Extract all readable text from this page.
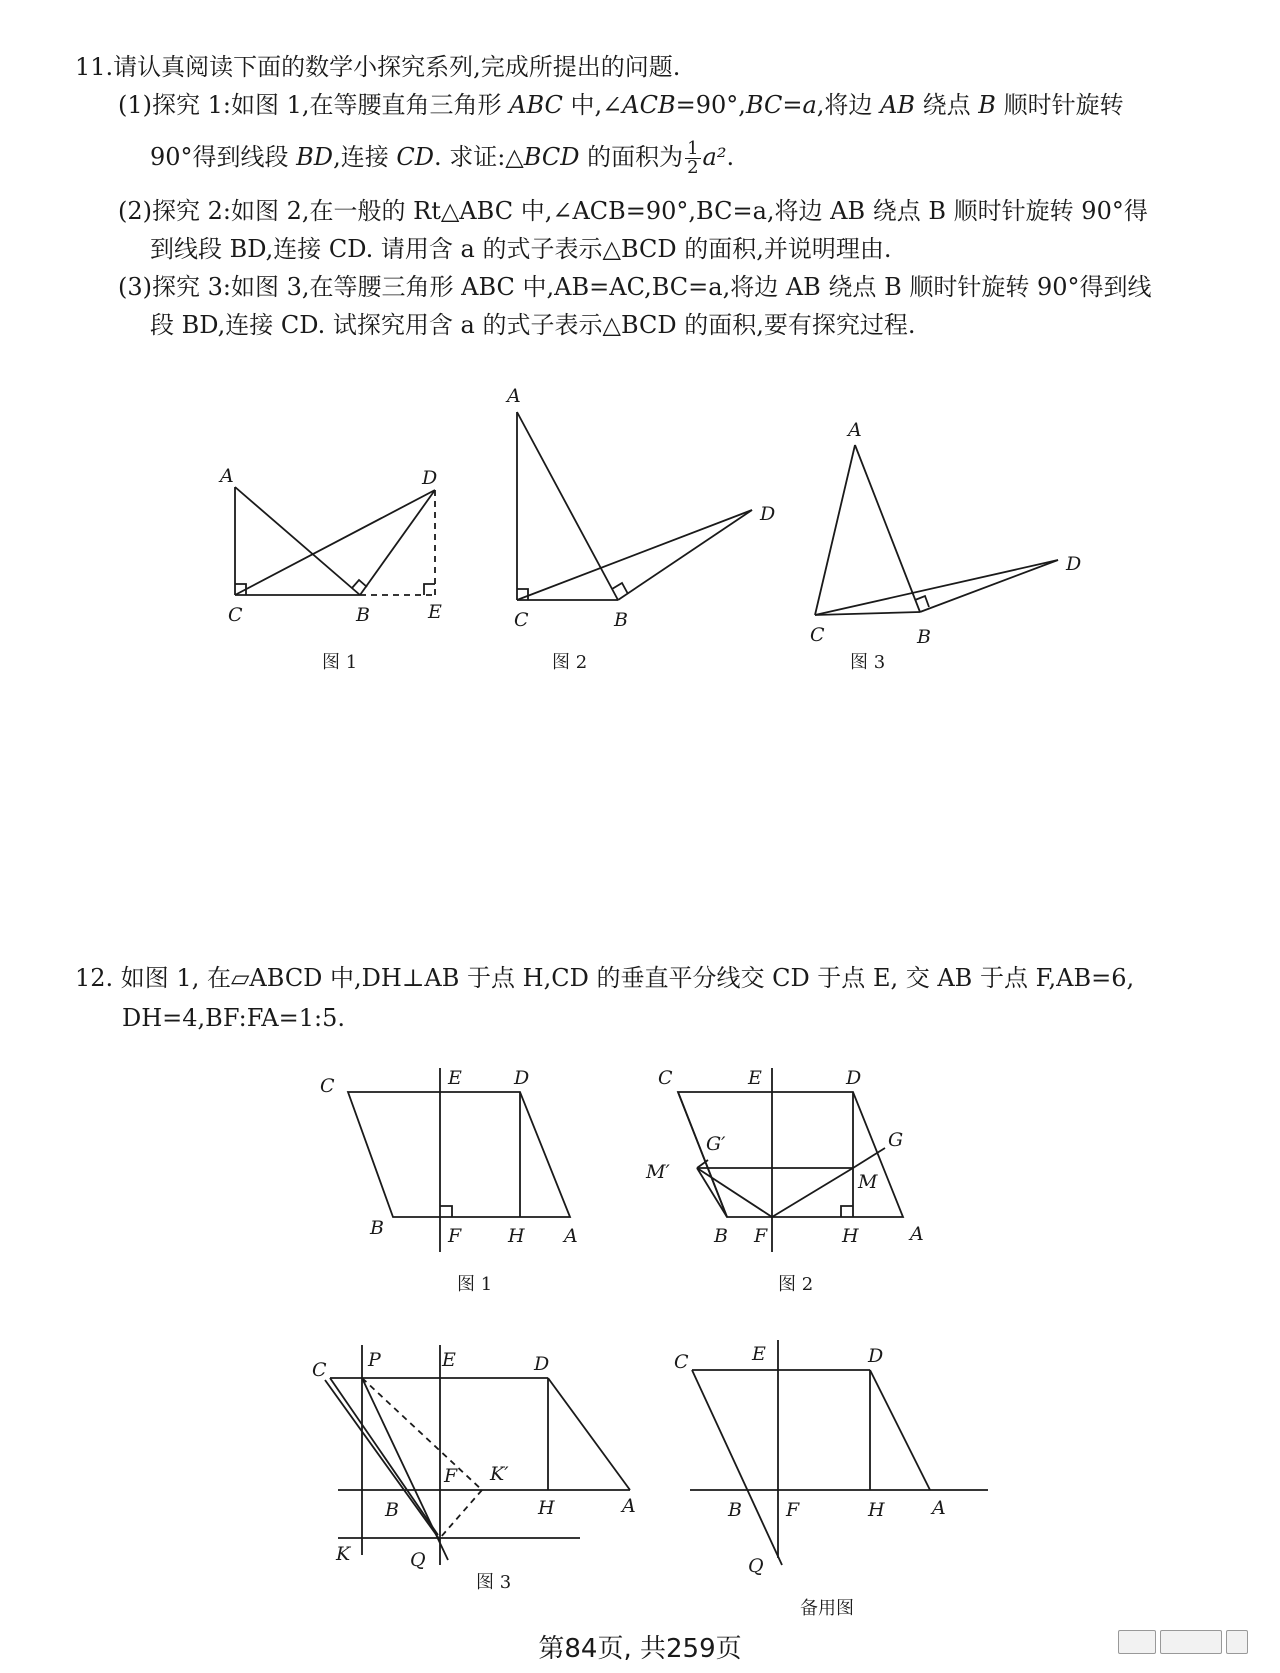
11.请认真阅读下面的数学小探究系列,完成所提出的问题.
(1)探究 1:如图 1,在等腰直角三角形 ABC 中,∠ACB=90°,BC=a,将边 AB 绕点 B 顺时针旋转
90°得到线段 BD,连接 CD. 求证:△BCD 的面积为 $\frac{1}{2} a^2$.
(2)探究 2:如图 2,在一般的 Rt△ABC 中,∠ACB=90°,BC=a,将边 AB 绕点 B 顺时针旋转 90°得
到线段 BD,连接 CD. 请用含 a 的式子表示△BCD 的面积,并说明理由.
(3)探究 3:如图 3,在等腰三角形 ABC 中,AB=AC,BC=a,将边 AB 绕点 B 顺时针旋转 90°得到线
段 BD,连接 CD. 试探究用含 a 的式子表示△BCD 的面积,要有探究过程.
A	D
C	B	E
图 1
A
D
C	B
图 2
A
D
C	B
图 3
12. 如图 1, 在▱ABCD 中,DH⊥AB 于点 H,CD 的垂直平分线交 CD 于点 E, 交 AB 于点 F,AB=6,
DH=4,BF:FA=1:5.
C	E	D
B	F H A
图 1
C	E	D
G
G′
M′	M
B F	H	A
图 2
C P	E	D
F K′
B	H	A
K	Q
图 3
C	E	D
B F	H A
Q
备用图
第84页, 共259页
